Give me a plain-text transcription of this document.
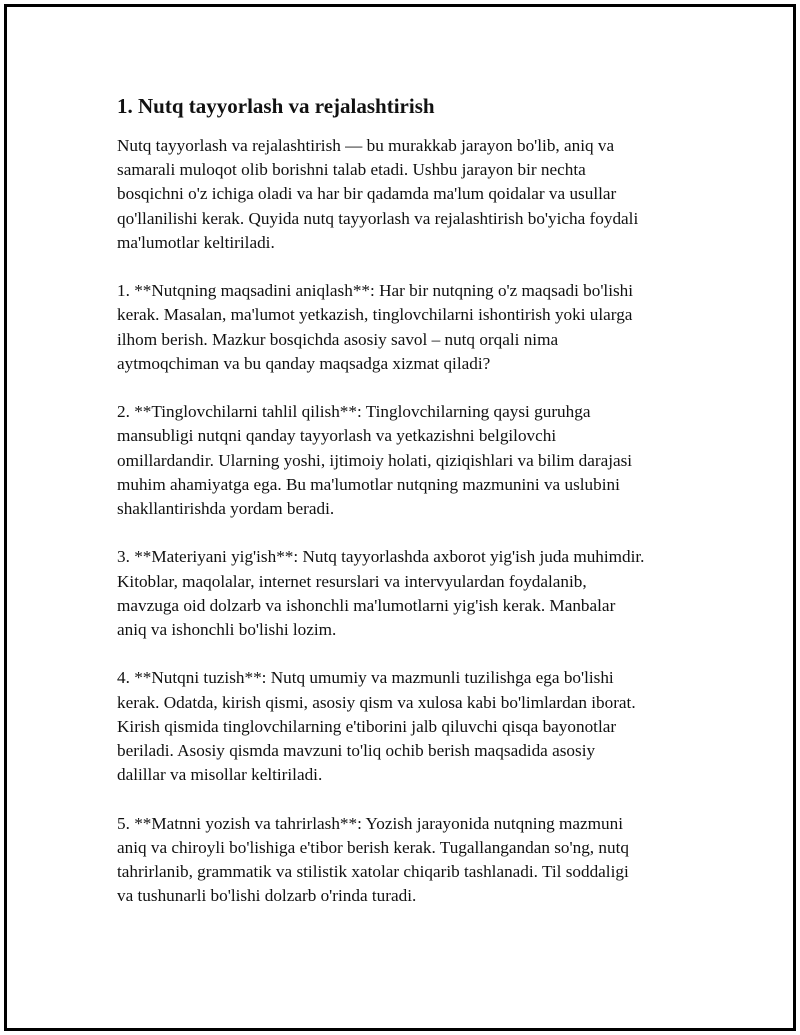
1. Nutq tayyorlash va rejalashtirish

Nutq tayyorlash va rejalashtirish — bu murakkab jarayon bo'lib, aniq va
samarali muloqot olib borishni talab etadi. Ushbu jarayon bir nechta
bosqichni o'z ichiga oladi va har bir qadamda ma'lum qoidalar va usullar
qo'llanilishi kerak. Quyida nutq tayyorlash va rejalashtirish bo'yicha foydali
ma'lumotlar keltiriladi.

1. **Nutqning maqsadini aniqlash**: Har bir nutqning o'z maqsadi bo'lishi
kerak. Masalan, ma'lumot yetkazish, tinglovchilarni ishontirish yoki ularga
ilhom berish. Mazkur bosqichda asosiy savol – nutq orqali nima
aytmoqchiman va bu qanday maqsadga xizmat qiladi?

2. **Tinglovchilarni tahlil qilish**: Tinglovchilarning qaysi guruhga
mansubligi nutqni qanday tayyorlash va yetkazishni belgilovchi
omillardandir. Ularning yoshi, ijtimoiy holati, qiziqishlari va bilim darajasi
muhim ahamiyatga ega. Bu ma'lumotlar nutqning mazmunini va uslubini
shakllantirishda yordam beradi.

3. **Materiyani yig'ish**: Nutq tayyorlashda axborot yig'ish juda muhimdir.
Kitoblar, maqolalar, internet resurslari va intervyulardan foydalanib,
mavzuga oid dolzarb va ishonchli ma'lumotlarni yig'ish kerak. Manbalar
aniq va ishonchli bo'lishi lozim.

4. **Nutqni tuzish**: Nutq umumiy va mazmunli tuzilishga ega bo'lishi
kerak. Odatda, kirish qismi, asosiy qism va xulosa kabi bo'limlardan iborat.
Kirish qismida tinglovchilarning e'tiborini jalb qiluvchi qisqa bayonotlar
beriladi. Asosiy qismda mavzuni to'liq ochib berish maqsadida asosiy
dalillar va misollar keltiriladi.

5. **Matnni yozish va tahrirlash**: Yozish jarayonida nutqning mazmuni
aniq va chiroyli bo'lishiga e'tibor berish kerak. Tugallangandan so'ng, nutq
tahrirlanib, grammatik va stilistik xatolar chiqarib tashlanadi. Til soddaligi
va tushunarli bo'lishi dolzarb o'rinda turadi.
